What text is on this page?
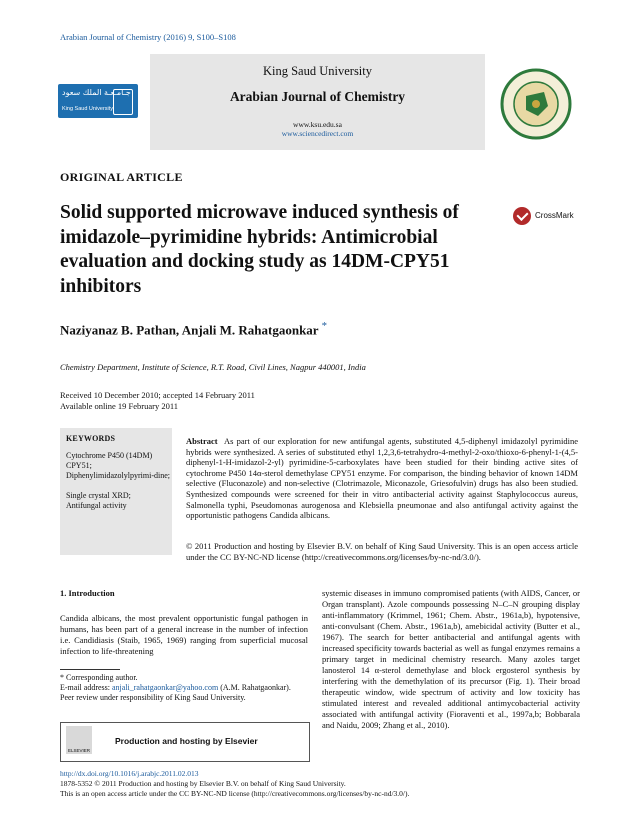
Arabian Journal of Chemistry (2016) 9, S100–S108
King Saud University
Arabian Journal of Chemistry
www.ksu.edu.sa
www.sciencedirect.com
جـامـعـة الملك سعود
King Saud University
ORIGINAL ARTICLE
Solid supported microwave induced synthesis of imidazole–pyrimidine hybrids: Antimicrobial evaluation and docking study as 14DM-CPY51 inhibitors
CrossMark
Naziyanaz B. Pathan, Anjali M. Rahatgaonkar *
Chemistry Department, Institute of Science, R.T. Road, Civil Lines, Nagpur 440001, India
Received 10 December 2010; accepted 14 February 2011
Available online 19 February 2011
KEYWORDS
Cytochrome P450 (14DM) CPY51;
Diphenylimidazolylpyrimi-dine;
Single crystal XRD;
Antifungal activity
Abstract As part of our exploration for new antifungal agents, substituted 4,5-diphenyl imidazolyl pyrimidine hybrids were synthesized. A series of substituted ethyl 1,2,3,6-tetrahydro-4-methyl-2-oxo/thioxo-6-phenyl-1-(4,5-diphenyl-1-H-imidazol-2-yl) pyrimidine-5-carboxylates have been studied for their binding active sites of cytochrome P450 14α-sterol demethylase CPY51 enzyme. For comparison, the binding behavior of known 14DM selective (Fluconazole) and non-selective (Clotrimazole, Miconazole, Griesofulvin) drugs has also been studied. Synthesized compounds were screened for their in vitro antibacterial activity against Staphylococcus aureus, Salmonella typhi, Pseudomonas aurogenosa and Klebsiella pneumonae and also antifungal activity against the opportunistic pathogens Candida albicans.
© 2011 Production and hosting by Elsevier B.V. on behalf of King Saud University. This is an open access article under the CC BY-NC-ND license (http://creativecommons.org/licenses/by-nc-nd/3.0/).
1. Introduction
Candida albicans, the most prevalent opportunistic fungal pathogen in humans, has been part of a general increase in the number of infection i.e. Candidiasis (Staib, 1965, 1969) ranging from superficial mucosal infection to life-threatening
systemic diseases in immuno compromised patients (with AIDS, Cancer, or Organ transplant). Azole compounds possessing N–C–N grouping display anti-inflammatory (Krimmel, 1961; Chem. Abstr., 1961a,b), hypotensive, anti-convulsant (Chem. Abstr., 1961a,b), amebicidal activity (Butter et al., 1967). The search for better antibacterial and antifungal agents with increased specificity towards bacterial as well as fungal enzymes remains a primary target in medicinal chemistry research. Many azoles target lanosterol 14 α-sterol demethylase and block ergosterol synthesis by interfering with the demethylation of its precursor (Fig. 1). Their broad therapeutic window, wide spectrum of activity and low toxicity has stimulated interest and revealed additional antimycobacterial activity associated with antifungal activity (Fioraventi et al., 1997a,b; Bobbarala and Naidu, 2009; Zhang et al., 2010).
* Corresponding author.
E-mail address: anjali_rahatgaonkar@yahoo.com (A.M. Rahatgaonkar).
Peer review under responsibility of King Saud University.
ELSEVIER
Production and hosting by Elsevier
http://dx.doi.org/10.1016/j.arabjc.2011.02.013
1878-5352 © 2011 Production and hosting by Elsevier B.V. on behalf of King Saud University.
This is an open access article under the CC BY-NC-ND license (http://creativecommons.org/licenses/by-nc-nd/3.0/).
